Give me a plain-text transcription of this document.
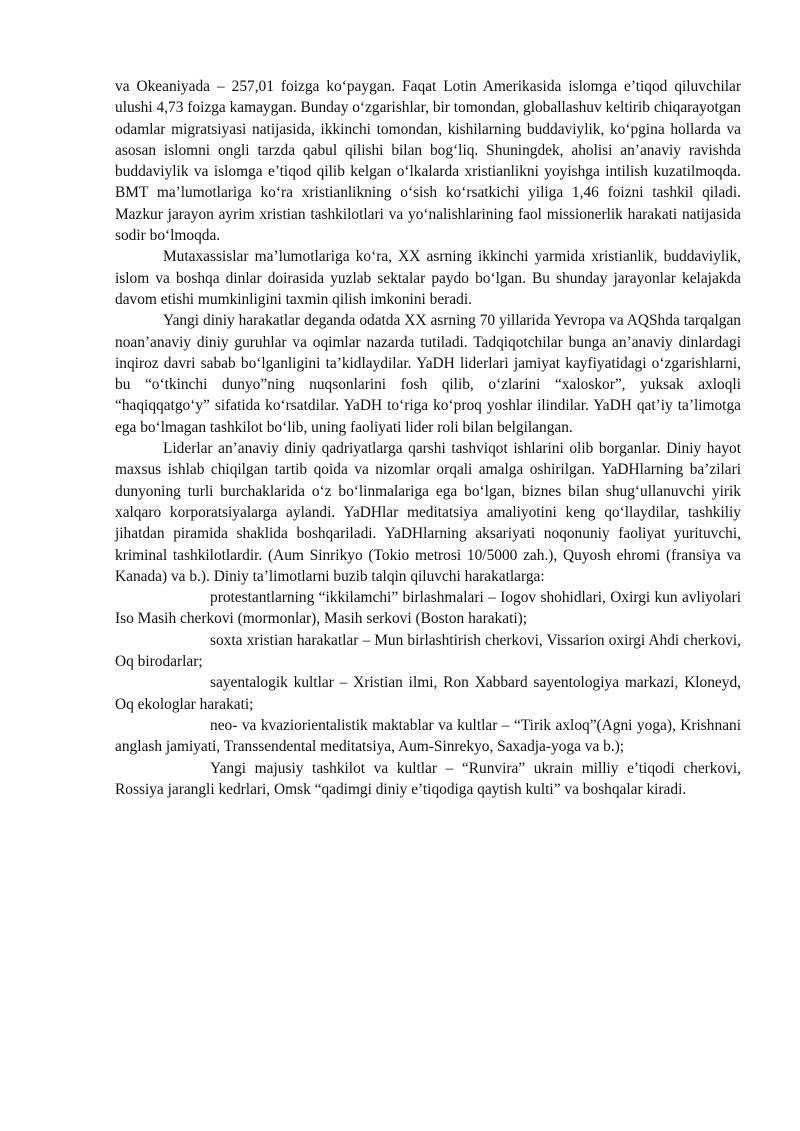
va Okeaniyada – 257,01 foizga ko‘paygan. Faqat Lotin Amerikasida islomga e’tiqod qiluvchilar ulushi 4,73 foizga kamaygan. Bunday o‘zgarishlar, bir tomondan, globallashuv keltirib chiqarayotgan odamlar migratsiyasi natijasida, ikkinchi tomondan, kishilarning buddaviylik, ko‘pgina hollarda va asosan islomni ongli tarzda qabul qilishi bilan bog‘liq. Shuningdek, aholisi an’anaviy ravishda buddaviylik va islomga e’tiqod qilib kelgan o‘lkalarda xristianlikni yoyishga intilish kuzatilmoqda. BMT ma’lumotlariga ko‘ra xristianlikning o‘sish ko‘rsatkichi yiliga 1,46 foizni tashkil qiladi. Mazkur jarayon ayrim xristian tashkilotlari va yo‘nalishlarining faol missionerlik harakati natijasida sodir bo‘lmoqda.

Mutaxassislar ma’lumotlariga ko‘ra, XX asrning ikkinchi yarmida xristianlik, buddaviylik, islom va boshqa dinlar doirasida yuzlab sektalar paydo bo‘lgan. Bu shunday jarayonlar kelajakda davom etishi mumkinligini taxmin qilish imkonini beradi.

Yangi diniy harakatlar deganda odatda XX asrning 70 yillarida Yevropa va AQShda tarqalgan noan’anaviy diniy guruhlar va oqimlar nazarda tutiladi. Tadqiqotchilar bunga an’anaviy dinlardagi inqiroz davri sabab bo‘lganligini ta’kidlaydilar. YaDH liderlari jamiyat kayfiyatidagi o‘zgarishlarni, bu “o‘tkinchi dunyo”ning nuqsonlarini fosh qilib, o‘zlarini “xaloskor”, yuksak axloqli “haqiqqatgo‘y” sifatida ko‘rsatdilar. YaDH to‘riga ko‘proq yoshlar ilindilar. YaDH qat’iy ta’limotga ega bo‘lmagan tashkilot bo‘lib, uning faoliyati lider roli bilan belgilangan.

Liderlar an’anaviy diniy qadriyatlarga qarshi tashviqot ishlarini olib borganlar. Diniy hayot maxsus ishlab chiqilgan tartib qoida va nizomlar orqali amalga oshirilgan. YaDHlarning ba’zilari dunyoning turli burchaklarida o‘z bo‘linmalariga ega bo‘lgan, biznes bilan shug‘ullanuvchi yirik xalqaro korporatsiyalarga aylandi. YaDHlar meditatsiya amaliyotini keng qo‘llaydilar, tashkiliy jihatdan piramida shaklida boshqariladi. YaDHlarning aksariyati noqonuniy faoliyat yurituvchi, kriminal tashkilotlardir. (Aum Sinrikyo (Tokio metrosi 10/5000 zah.), Quyosh ehromi (fransiya va Kanada) va b.). Diniy ta’limotlarni buzib talqin qiluvchi harakatlarga:

protestantlarning “ikkilamchi” birlashmalari – Iogov shohidlari, Oxirgi kun avliyolari Iso Masih cherkovi (mormonlar), Masih serkovi (Boston harakati);

soxta xristian harakatlar – Mun birlashtirish cherkovi, Vissarion oxirgi Ahdi cherkovi, Oq birodarlar;

sayentalogik kultlar – Xristian ilmi, Ron Xabbard sayentologiya markazi, Kloneyd, Oq ekologlar harakati;

neo- va kvaziorientalistik maktablar va kultlar – “Tirik axloq”(Agni yoga), Krishnani anglash jamiyati, Transsendental meditatsiya, Aum-Sinrekyo, Saxadja-yoga va b.);

Yangi majusiy tashkilot va kultlar – “Runvira” ukrain milliy e’tiqodi cherkovi, Rossiya jarangli kedrlari, Omsk “qadimgi diniy e’tiqodiga qaytish kulti” va boshqalar kiradi.
